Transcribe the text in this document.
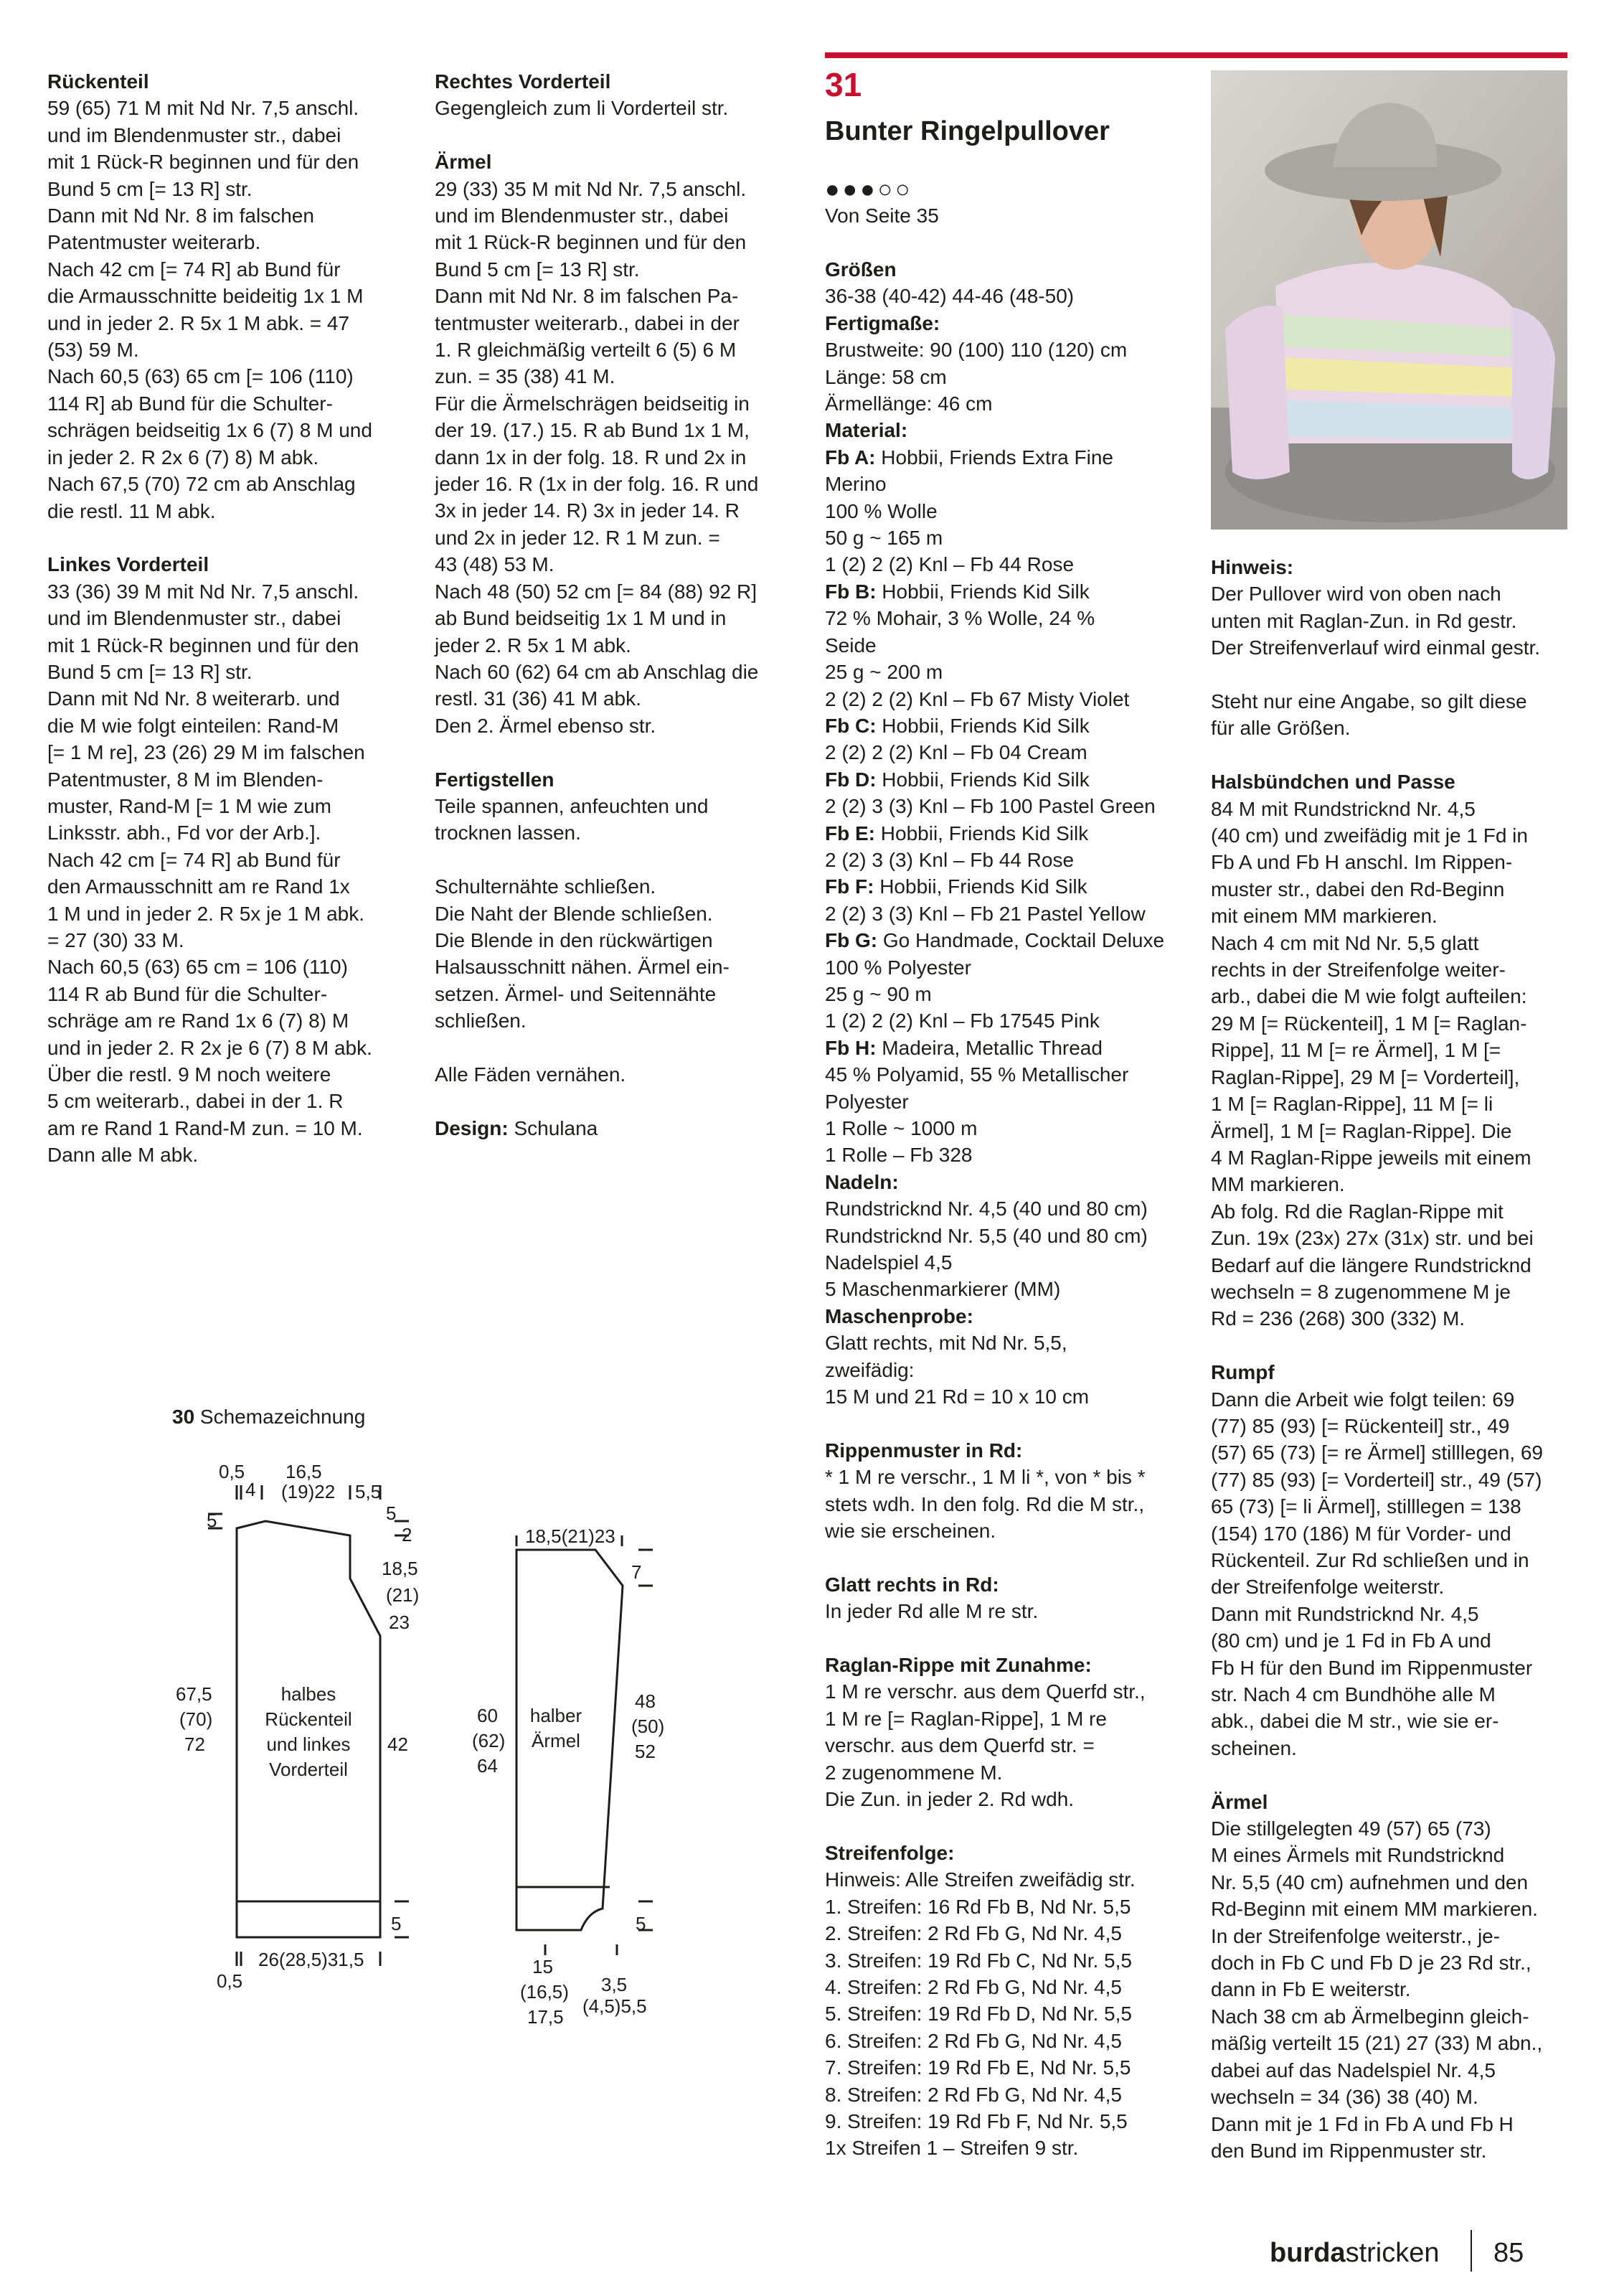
Rückenteil

59 (65) 71 M mit Nd Nr. 7,5 anschl.

und im Blendenmuster str., dabei

mit 1 Rück-R beginnen und für den

Bund 5 cm [= 13 R] str.

Dann mit Nd Nr. 8 im falschen

Patentmuster weiterarb.

Nach 42 cm [= 74 R] ab Bund für

die Armausschnitte beideitig 1x 1 M

und in jeder 2. R 5x 1 M abk. = 47

(53) 59 M.

Nach 60,5 (63) 65 cm [= 106 (110)

114 R] ab Bund für die Schulter-

schrägen beidseitig 1x 6 (7) 8 M und

in jeder 2. R 2x 6 (7) 8) M abk.

Nach 67,5 (70) 72 cm ab Anschlag

die restl. 11 M abk.

Linkes Vorderteil

33 (36) 39 M mit Nd Nr. 7,5 anschl.

und im Blendenmuster str., dabei

mit 1 Rück-R beginnen und für den

Bund 5 cm [= 13 R] str.

Dann mit Nd Nr. 8 weiterarb. und

die M wie folgt einteilen: Rand-M

[= 1 M re], 23 (26) 29 M im falschen

Patentmuster, 8 M im Blenden-

muster, Rand-M [= 1 M wie zum

Linksstr. abh., Fd vor der Arb.].

Nach 42 cm [= 74 R] ab Bund für

den Armausschnitt am re Rand 1x

1 M und in jeder 2. R 5x je 1 M abk.

= 27 (30) 33 M.

Nach 60,5 (63) 65 cm = 106 (110)

114 R ab Bund für die Schulter-

schräge am re Rand 1x 6 (7) 8) M

und in jeder 2. R 2x je 6 (7) 8 M abk.

Über die restl. 9 M noch weitere

5 cm weiterarb., dabei in der 1. R

am re Rand 1 Rand-M zun. = 10 M.

Dann alle M abk.

Rechtes Vorderteil

Gegengleich zum li Vorderteil str.

Ärmel

29 (33) 35 M mit Nd Nr. 7,5 anschl.

und im Blendenmuster str., dabei

mit 1 Rück-R beginnen und für den

Bund 5 cm [= 13 R] str.

Dann mit Nd Nr. 8 im falschen Pa-

tentmuster weiterarb., dabei in der

1. R gleichmäßig verteilt 6 (5) 6 M

zun. = 35 (38) 41 M.

Für die Ärmelschrägen beidseitig in

der 19. (17.) 15. R ab Bund 1x 1 M,

dann 1x in der folg. 18. R und 2x in

jeder 16. R (1x in der folg. 16. R und

3x in jeder 14. R) 3x in jeder 14. R

und 2x in jeder 12. R 1 M zun. =

43 (48) 53 M.

Nach 48 (50) 52 cm [= 84 (88) 92 R]

ab Bund beidseitig 1x 1 M und in

jeder 2. R 5x 1 M abk.

Nach 60 (62) 64 cm ab Anschlag die

restl. 31 (36) 41 M abk.

Den 2. Ärmel ebenso str.

Fertigstellen

Teile spannen, anfeuchten und

trocknen lassen.

Schulternähte schließen.

Die Naht der Blende schließen.

Die Blende in den rückwärtigen

Halsausschnitt nähen. Ärmel ein-

setzen. Ärmel- und Seitennähte

schließen.

Alle Fäden vernähen.

Design: Schulana

31
Bunter Ringelpullover
●●●○○

Von Seite 35

Größen

36-38 (40-42) 44-46 (48-50)

Fertigmaße:

Brustweite: 90 (100) 110 (120) cm

Länge: 58 cm

Ärmellänge: 46 cm

Material:

Fb A: Hobbii, Friends Extra Fine

Merino

100 % Wolle

50 g ~ 165 m

1 (2) 2 (2) Knl – Fb 44 Rose

Fb B: Hobbii, Friends Kid Silk

72 % Mohair, 3 % Wolle, 24 %

Seide

25 g ~ 200 m

2 (2) 2 (2) Knl – Fb 67 Misty Violet

Fb C: Hobbii, Friends Kid Silk

2 (2) 2 (2) Knl – Fb 04 Cream

Fb D: Hobbii, Friends Kid Silk

2 (2) 3 (3) Knl – Fb 100 Pastel Green

Fb E: Hobbii, Friends Kid Silk

2 (2) 3 (3) Knl – Fb 44 Rose

Fb F: Hobbii, Friends Kid Silk

2 (2) 3 (3) Knl – Fb 21 Pastel Yellow

Fb G: Go Handmade, Cocktail Deluxe

100 % Polyester

25 g ~ 90 m

1 (2) 2 (2) Knl – Fb 17545 Pink

Fb H: Madeira, Metallic Thread

45 % Polyamid, 55 % Metallischer

Polyester

1 Rolle ~ 1000 m

1 Rolle – Fb 328

Nadeln:

Rundstricknd Nr. 4,5 (40 und 80 cm)

Rundstricknd Nr. 5,5 (40 und 80 cm)

Nadelspiel 4,5

5 Maschenmarkierer (MM)

Maschenprobe:

Glatt rechts, mit Nd Nr. 5,5,

zweifädig:

15 M und 21 Rd = 10 x 10 cm

Rippenmuster in Rd:

* 1 M re verschr., 1 M li *, von * bis *

stets wdh. In den folg. Rd die M str.,

wie sie erscheinen.

Glatt rechts in Rd:

In jeder Rd alle M re str.

Raglan-Rippe mit Zunahme:

1 M re verschr. aus dem Querfd str.,

1 M re [= Raglan-Rippe], 1 M re

verschr. aus dem Querfd str. =

2 zugenommene M.

Die Zun. in jeder 2. Rd wdh.

Streifenfolge:

Hinweis: Alle Streifen zweifädig str.

1. Streifen: 16 Rd Fb B, Nd Nr. 5,5

2. Streifen: 2 Rd Fb G, Nd Nr. 4,5

3. Streifen: 19 Rd Fb C, Nd Nr. 5,5

4. Streifen: 2 Rd Fb G, Nd Nr. 4,5

5. Streifen: 19 Rd Fb D, Nd Nr. 5,5

6. Streifen: 2 Rd Fb G, Nd Nr. 4,5

7. Streifen: 19 Rd Fb E, Nd Nr. 5,5

8. Streifen: 2 Rd Fb G, Nd Nr. 4,5

9. Streifen: 19 Rd Fb F, Nd Nr. 5,5

1x Streifen 1 – Streifen 9 str.

Hinweis:

Der Pullover wird von oben nach

unten mit Raglan-Zun. in Rd gestr.

Der Streifenverlauf wird einmal gestr.

Steht nur eine Angabe, so gilt diese

für alle Größen.

Halsbündchen und Passe

84 M mit Rundstricknd Nr. 4,5

(40 cm) und zweifädig mit je 1 Fd in

Fb A und Fb H anschl. Im Rippen-

muster str., dabei den Rd-Beginn

mit einem MM markieren.

Nach 4 cm mit Nd Nr. 5,5 glatt

rechts in der Streifenfolge weiter-

arb., dabei die M wie folgt aufteilen:

29 M [= Rückenteil], 1 M [= Raglan-

Rippe], 11 M [= re Ärmel], 1 M [=

Raglan-Rippe], 29 M [= Vorderteil],

1 M [= Raglan-Rippe], 11 M [= li

Ärmel], 1 M [= Raglan-Rippe]. Die

4 M Raglan-Rippe jeweils mit einem

MM markieren.

Ab folg. Rd die Raglan-Rippe mit

Zun. 19x (23x) 27x (31x) str. und bei

Bedarf auf die längere Rundstricknd

wechseln = 8 zugenommene M je

Rd = 236 (268) 300 (332) M.

Rumpf

Dann die Arbeit wie folgt teilen: 69

(77) 85 (93) [= Rückenteil] str., 49

(57) 65 (73) [= re Ärmel] stilllegen, 69

(77) 85 (93) [= Vorderteil] str., 49 (57)

65 (73) [= li Ärmel], stilllegen = 138

(154) 170 (186) M für Vorder- und

Rückenteil. Zur Rd schließen und in

der Streifenfolge weiterstr.

Dann mit Rundstricknd Nr. 4,5

(80 cm) und je 1 Fd in Fb A und

Fb H für den Bund im Rippenmuster

str. Nach 4 cm Bundhöhe alle M

abk., dabei die M str., wie sie er-

scheinen.

Ärmel

Die stillgelegten 49 (57) 65 (73)

M eines Ärmels mit Rundstricknd

Nr. 5,5 (40 cm) aufnehmen und den

Rd-Beginn mit einem MM markieren.

In der Streifenfolge weiterstr., je-

doch in Fb C und Fb D je 23 Rd str.,

dann in Fb E weiterstr.

Nach 38 cm ab Ärmelbeginn gleich-

mäßig verteilt 15 (21) 27 (33) M abn.,

dabei auf das Nadelspiel Nr. 4,5

wechseln = 34 (36) 38 (40) M.

Dann mit je 1 Fd in Fb A und Fb H

den Bund im Rippenmuster str.

30 Schemazeichnung
0,5
4
16,5
(19)22 5,5
5	5
2
18,5
(21)
23
42
67,5
(70)
72
halbes
Rückenteil
und linkes
Vorderteil
5
0,5
26(28,5)31,5
18,5(21)23
7
60
(62)
64
halber
Ärmel
48
(50)
52
5
15
(16,5)
17,5
3,5
(4,5)5,5
burdastricken 85
